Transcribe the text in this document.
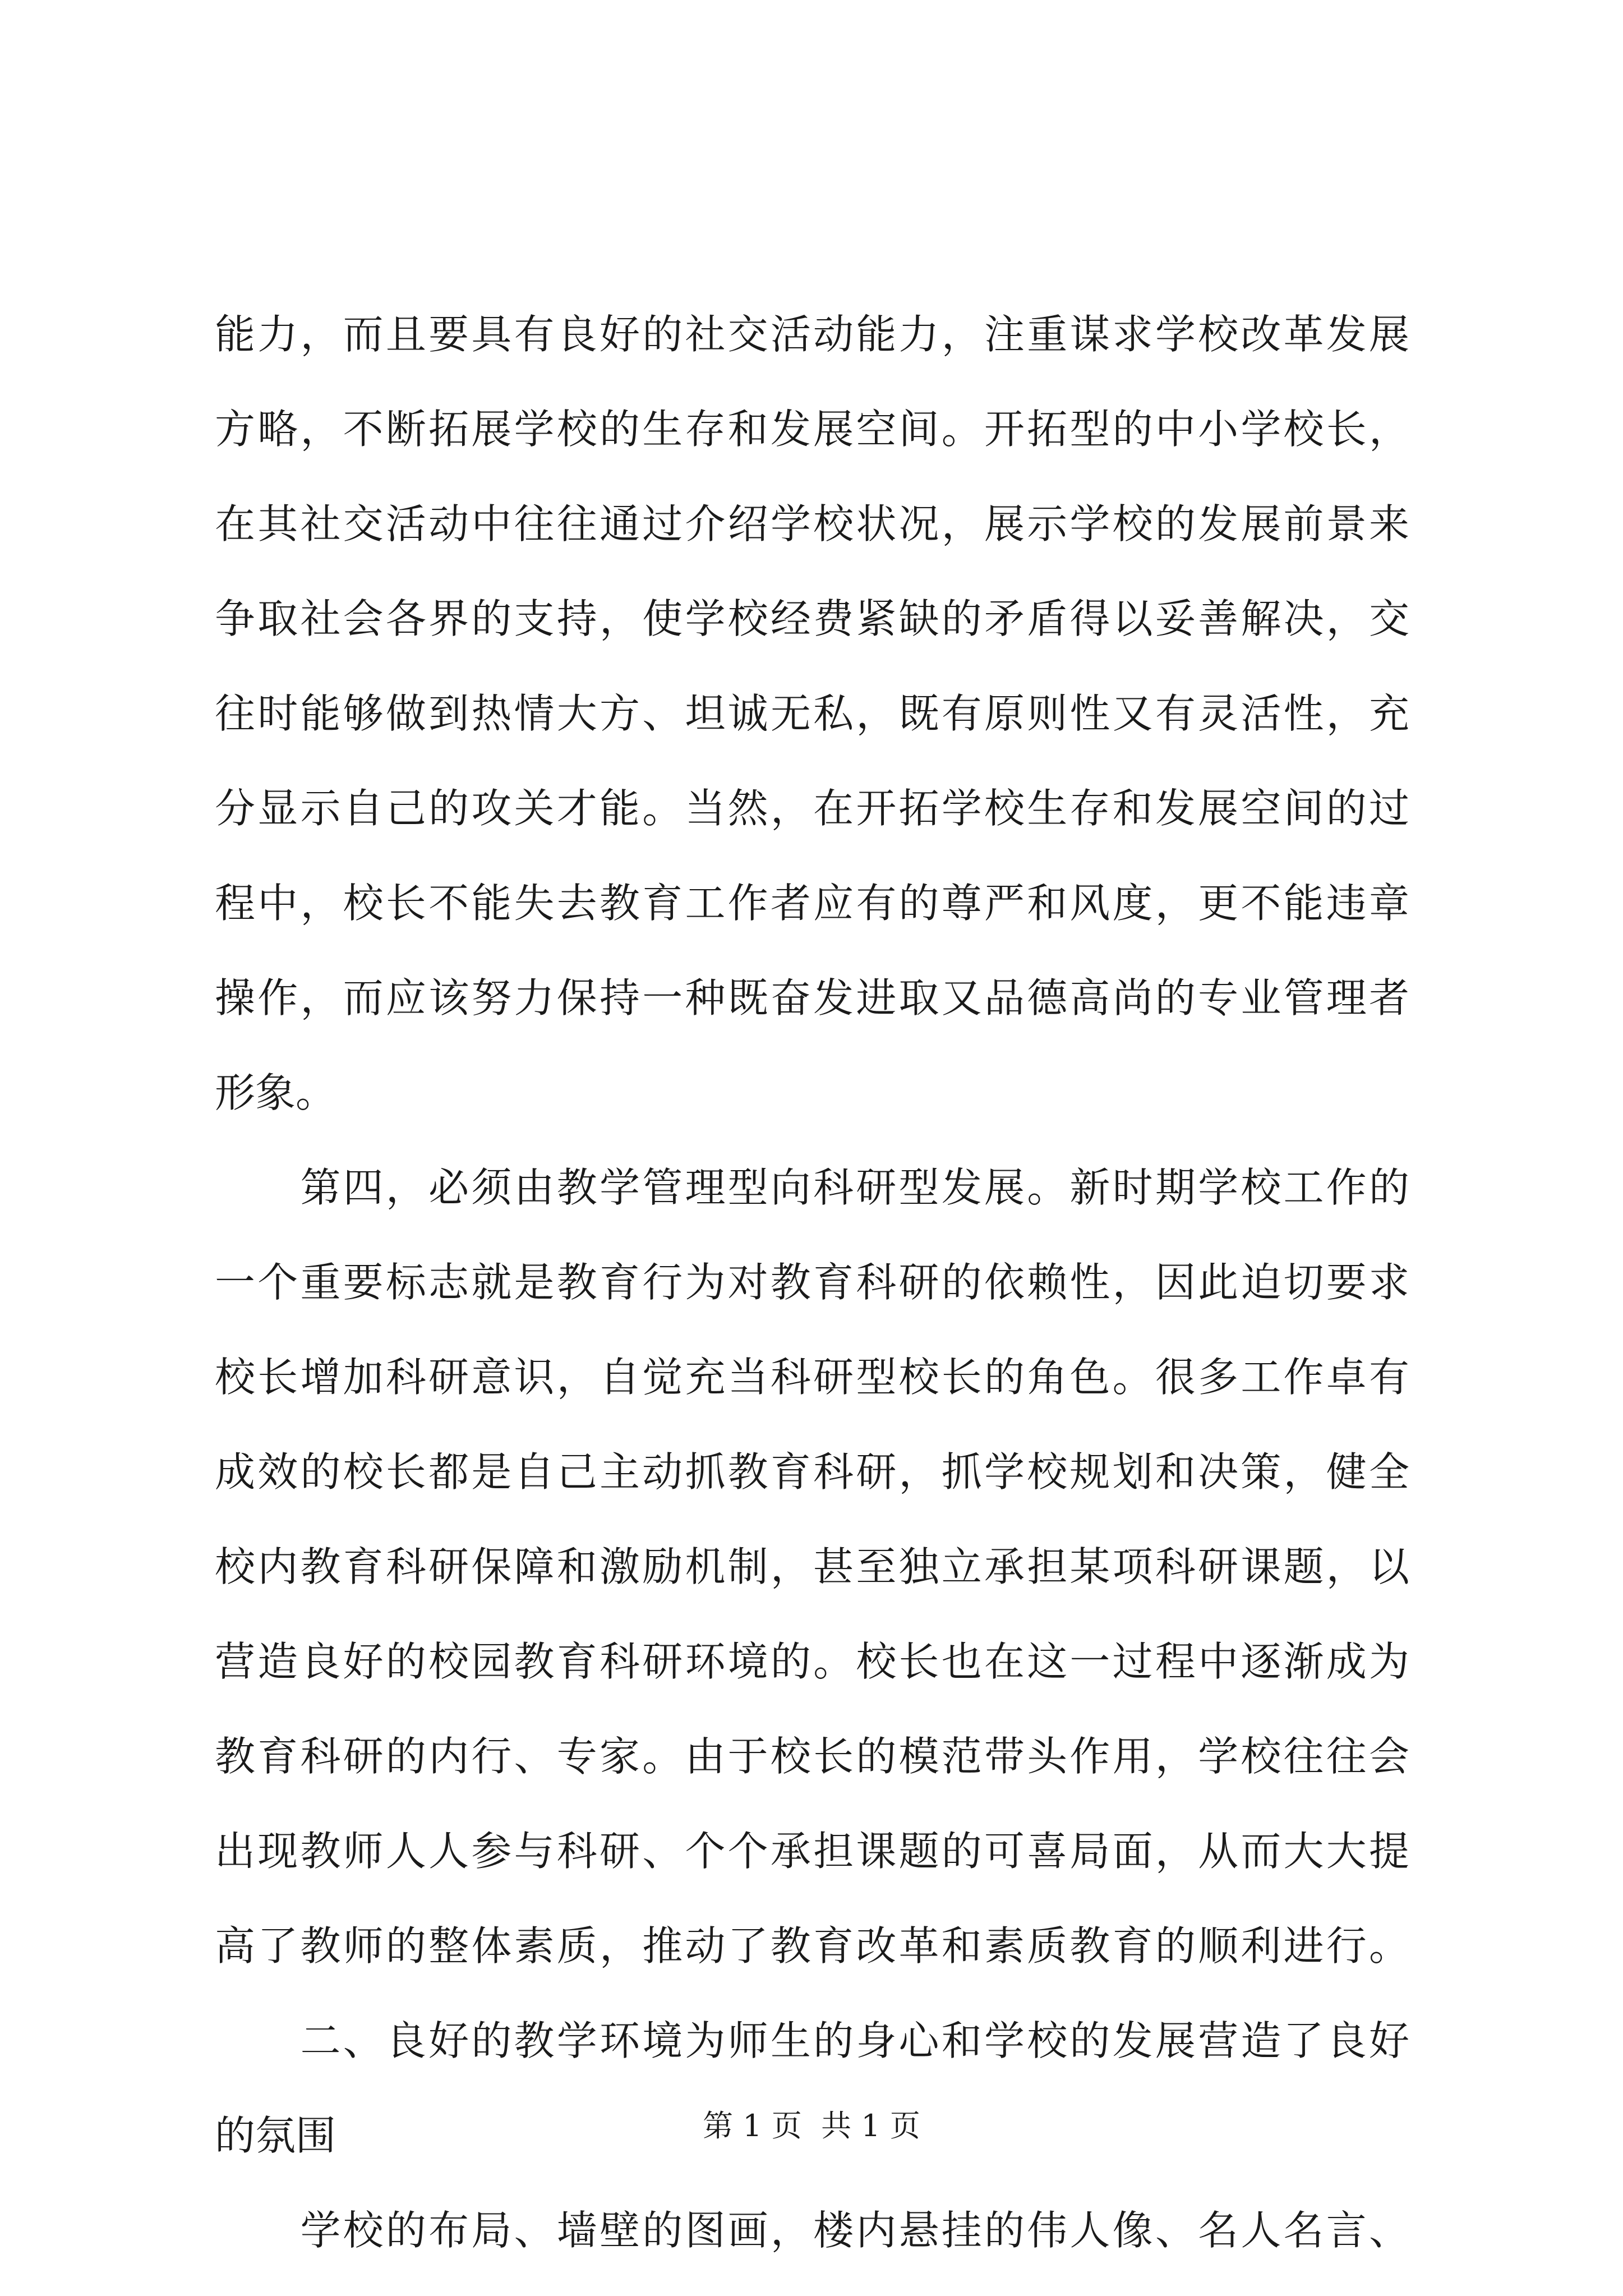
能力，而且要具有良好的社交活动能力，注重谋求学校改革发展
方略，不断拓展学校的生存和发展空间。开拓型的中小学校长，
在其社交活动中往往通过介绍学校状况，展示学校的发展前景来
争取社会各界的支持，使学校经费紧缺的矛盾得以妥善解决，交
往时能够做到热情大方、坦诚无私，既有原则性又有灵活性，充
分显示自己的攻关才能。当然，在开拓学校生存和发展空间的过
程中，校长不能失去教育工作者应有的尊严和风度，更不能违章
操作，而应该努力保持一种既奋发进取又品德高尚的专业管理者
形象。
　　第四，必须由教学管理型向科研型发展。新时期学校工作的
一个重要标志就是教育行为对教育科研的依赖性，因此迫切要求
校长增加科研意识，自觉充当科研型校长的角色。很多工作卓有
成效的校长都是自己主动抓教育科研，抓学校规划和决策，健全
校内教育科研保障和激励机制，甚至独立承担某项科研课题，以
营造良好的校园教育科研环境的。校长也在这一过程中逐渐成为
教育科研的内行、专家。由于校长的模范带头作用，学校往往会
出现教师人人参与科研、个个承担课题的可喜局面，从而大大提
高了教师的整体素质，推动了教育改革和素质教育的顺利进行。
　　二、良好的教学环境为师生的身心和学校的发展营造了良好
的氛围
　　学校的布局、墙壁的图画，楼内悬挂的伟人像、名人名言、
第 1 页  共 1 页
